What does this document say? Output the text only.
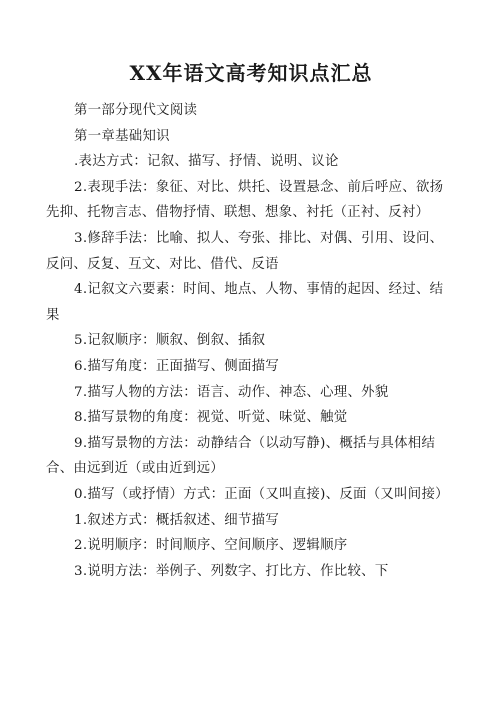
XX年语文高考知识点汇总

第一部分现代文阅读

第一章基础知识

.表达方式：记叙、描写、抒情、说明、议论

2.表现手法：象征、对比、烘托、设置悬念、前后呼应、欲扬先抑、托物言志、借物抒情、联想、想象、衬托（正衬、反衬）

3.修辞手法：比喻、拟人、夸张、排比、对偶、引用、设问、反问、反复、互文、对比、借代、反语

4.记叙文六要素：时间、地点、人物、事情的起因、经过、结果

5.记叙顺序：顺叙、倒叙、插叙

6.描写角度：正面描写、侧面描写

7.描写人物的方法：语言、动作、神态、心理、外貌

8.描写景物的角度：视觉、听觉、味觉、触觉

9.描写景物的方法：动静结合（以动写静)、概括与具体相结合、由远到近（或由近到远）

0.描写（或抒情）方式：正面（又叫直接)、反面（又叫间接）

1.叙述方式：概括叙述、细节描写

2.说明顺序：时间顺序、空间顺序、逻辑顺序

3.说明方法：举例子、列数字、打比方、作比较、下
